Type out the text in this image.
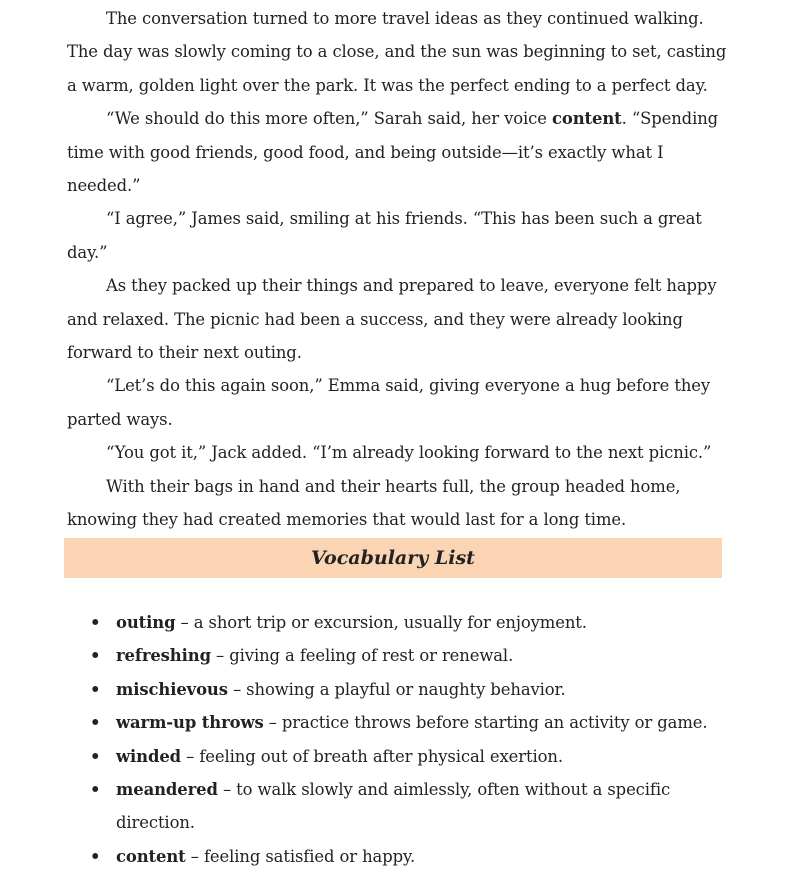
The conversation turned to more travel ideas as they continued walking. The day was slowly coming to a close, and the sun was beginning to set, casting a warm, golden light over the park. It was the perfect ending to a perfect day.

“We should do this more often,” Sarah said, her voice content. “Spending time with good friends, good food, and being outside—it’s exactly what I needed.”

“I agree,” James said, smiling at his friends. “This has been such a great day.”

As they packed up their things and prepared to leave, everyone felt happy and relaxed. The picnic had been a success, and they were already looking forward to their next outing.

“Let’s do this again soon,” Emma said, giving everyone a hug before they parted ways.

“You got it,” Jack added. “I’m already looking forward to the next picnic.”

With their bags in hand and their hearts full, the group headed home, knowing they had created memories that would last for a long time.

Vocabulary List
• outing – a short trip or excursion, usually for enjoyment.
• refreshing – giving a feeling of rest or renewal.
• mischievous – showing a playful or naughty behavior.
• warm-up throws – practice throws before starting an activity or game.
• winded – feeling out of breath after physical exertion.
• meandered – to walk slowly and aimlessly, often without a specific direction.
• content – feeling satisfied or happy.
